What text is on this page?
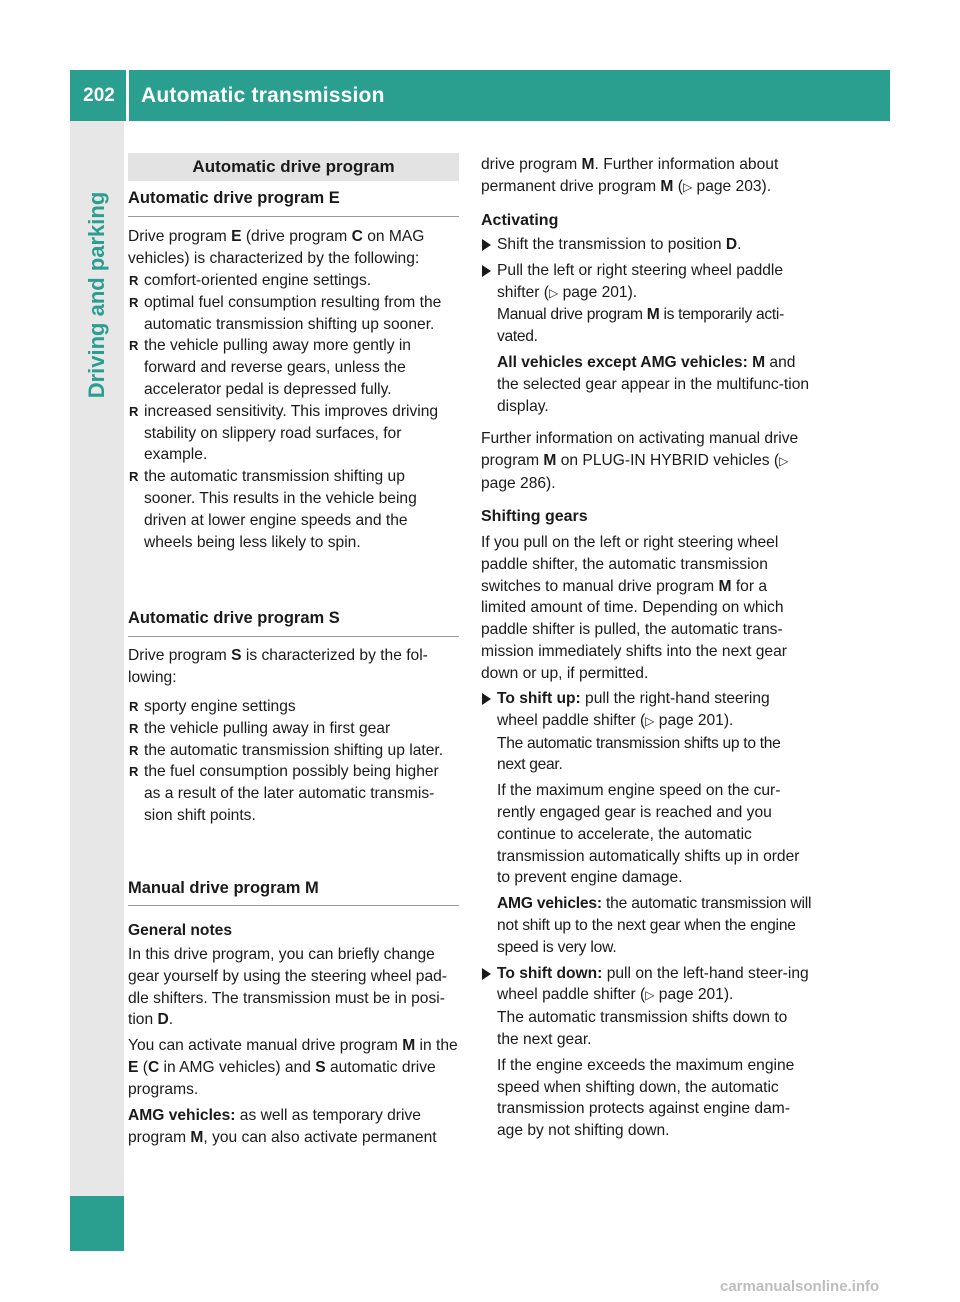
202	Automatic transmission
Driving and parking
Automatic drive program
Automatic drive program E
Drive program E (drive program C on MAG vehicles) is characterized by the following:
R comfort-oriented engine settings.
R optimal fuel consumption resulting from the automatic transmission shifting up sooner.
R the vehicle pulling away more gently in forward and reverse gears, unless the accelerator pedal is depressed fully.
R increased sensitivity. This improves driving stability on slippery road surfaces, for example.
R the automatic transmission shifting up sooner. This results in the vehicle being driven at lower engine speeds and the wheels being less likely to spin.
Automatic drive program S
Drive program S is characterized by the fol-lowing:
R sporty engine settings
R the vehicle pulling away in first gear
R the automatic transmission shifting up later.
R the fuel consumption possibly being higher as a result of the later automatic transmis-sion shift points.
Manual drive program M
General notes
In this drive program, you can briefly change gear yourself by using the steering wheel pad-dle shifters. The transmission must be in posi-tion D.
You can activate manual drive program M in the E (C in AMG vehicles) and S automatic drive programs.
AMG vehicles: as well as temporary drive program M, you can also activate permanent
drive program M. Further information about permanent drive program M (▷ page 203).
Activating
Shift the transmission to position D.
Pull the left or right steering wheel paddle shifter (▷ page 201).
Manual drive program M is temporarily acti-vated.
All vehicles except AMG vehicles: M and the selected gear appear in the multifunc-tion display.
Further information on activating manual drive program M on PLUG-IN HYBRID vehicles (▷ page 286).
Shifting gears
If you pull on the left or right steering wheel paddle shifter, the automatic transmission switches to manual drive program M for a limited amount of time. Depending on which paddle shifter is pulled, the automatic trans-mission immediately shifts into the next gear down or up, if permitted.
To shift up: pull the right-hand steering wheel paddle shifter (▷ page 201).
The automatic transmission shifts up to the next gear.
If the maximum engine speed on the cur-rently engaged gear is reached and you continue to accelerate, the automatic transmission automatically shifts up in order to prevent engine damage.
AMG vehicles: the automatic transmission will not shift up to the next gear when the engine speed is very low.
To shift down: pull on the left-hand steer-ing wheel paddle shifter (▷ page 201).
The automatic transmission shifts down to the next gear.
If the engine exceeds the maximum engine speed when shifting down, the automatic transmission protects against engine dam-age by not shifting down.
carmanualsonline.info
